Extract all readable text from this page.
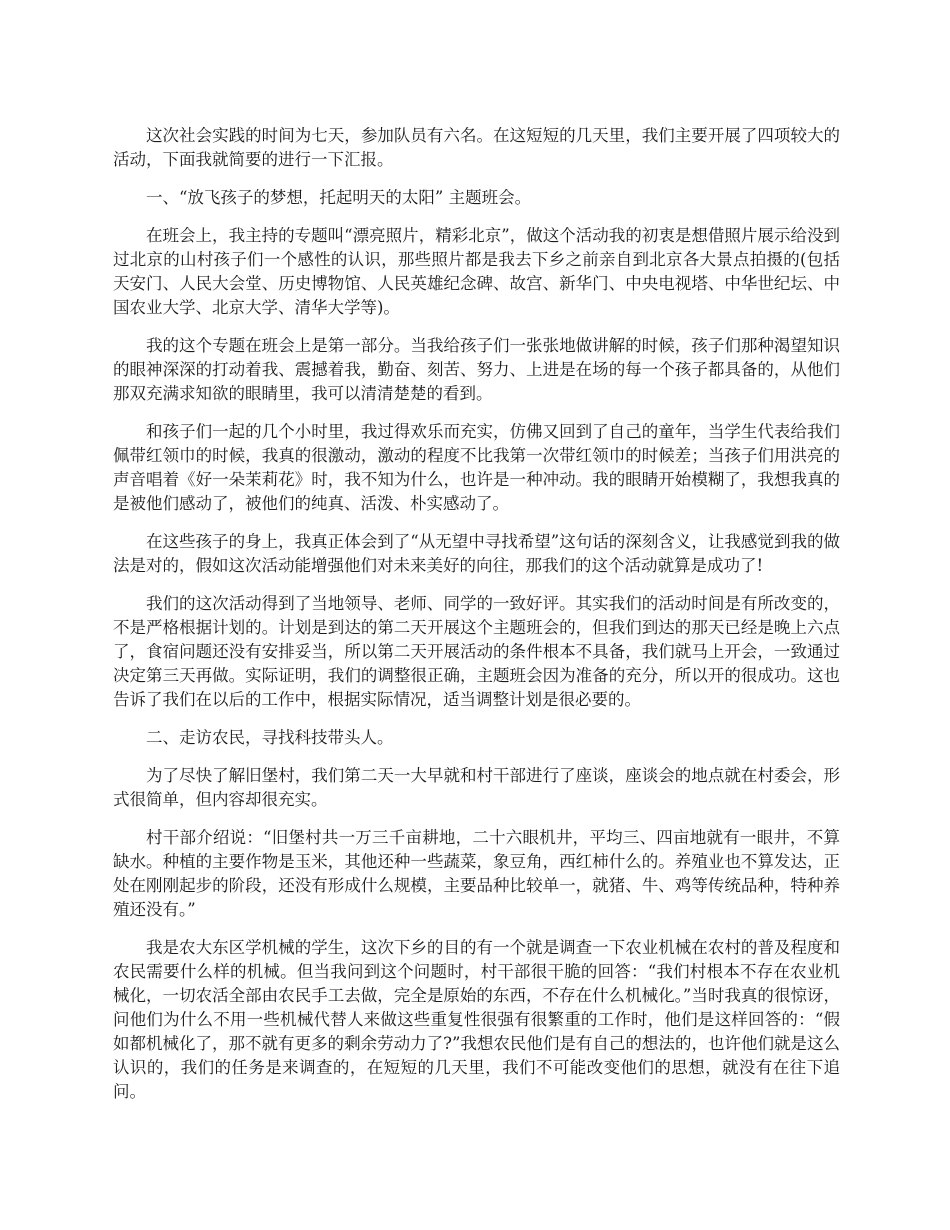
这次社会实践的时间为七天，参加队员有六名。在这短短的几天里，我们主要开展了四项较大的活动，下面我就简要的进行一下汇报。

一、“放飞孩子的梦想，托起明天的太阳” 主题班会。

在班会上，我主持的专题叫“漂亮照片，精彩北京”，做这个活动我的初衷是想借照片展示给没到过北京的山村孩子们一个感性的认识，那些照片都是我去下乡之前亲自到北京各大景点拍摄的(包括天安门、人民大会堂、历史博物馆、人民英雄纪念碑、故宫、新华门、中央电视塔、中华世纪坛、中国农业大学、北京大学、清华大学等)。

我的这个专题在班会上是第一部分。当我给孩子们一张张地做讲解的时候，孩子们那种渴望知识的眼神深深的打动着我、震撼着我，勤奋、刻苦、努力、上进是在场的每一个孩子都具备的，从他们那双充满求知欲的眼睛里，我可以清清楚楚的看到。

和孩子们一起的几个小时里，我过得欢乐而充实，仿佛又回到了自己的童年，当学生代表给我们佩带红领巾的时候，我真的很激动，激动的程度不比我第一次带红领巾的时候差；当孩子们用洪亮的声音唱着《好一朵茉莉花》时，我不知为什么，也许是一种冲动。我的眼睛开始模糊了，我想我真的是被他们感动了，被他们的纯真、活泼、朴实感动了。

在这些孩子的身上，我真正体会到了“从无望中寻找希望”这句话的深刻含义，让我感觉到我的做法是对的，假如这次活动能增强他们对未来美好的向往，那我们的这个活动就算是成功了!

我们的这次活动得到了当地领导、老师、同学的一致好评。其实我们的活动时间是有所改变的，不是严格根据计划的。计划是到达的第二天开展这个主题班会的，但我们到达的那天已经是晚上六点了，食宿问题还没有安排妥当，所以第二天开展活动的条件根本不具备，我们就马上开会，一致通过决定第三天再做。实际证明，我们的调整很正确，主题班会因为准备的充分，所以开的很成功。这也告诉了我们在以后的工作中，根据实际情况，适当调整计划是很必要的。

二、走访农民，寻找科技带头人。

为了尽快了解旧堡村，我们第二天一大早就和村干部进行了座谈，座谈会的地点就在村委会，形式很简单，但内容却很充实。

村干部介绍说：“旧堡村共一万三千亩耕地，二十六眼机井，平均三、四亩地就有一眼井，不算缺水。种植的主要作物是玉米，其他还种一些蔬菜，象豆角，西红柿什么的。养殖业也不算发达，正处在刚刚起步的阶段，还没有形成什么规模，主要品种比较单一，就猪、牛、鸡等传统品种，特种养殖还没有。”

我是农大东区学机械的学生，这次下乡的目的有一个就是调查一下农业机械在农村的普及程度和农民需要什么样的机械。但当我问到这个问题时，村干部很干脆的回答：“我们村根本不存在农业机械化，一切农活全部由农民手工去做，完全是原始的东西，不存在什么机械化。”当时我真的很惊讶，问他们为什么不用一些机械代替人来做这些重复性很强有很繁重的工作时，他们是这样回答的：“假如都机械化了，那不就有更多的剩余劳动力了?”我想农民他们是有自己的想法的，也许他们就是这么认识的，我们的任务是来调查的，在短短的几天里，我们不可能改变他们的思想，就没有在往下追问。
